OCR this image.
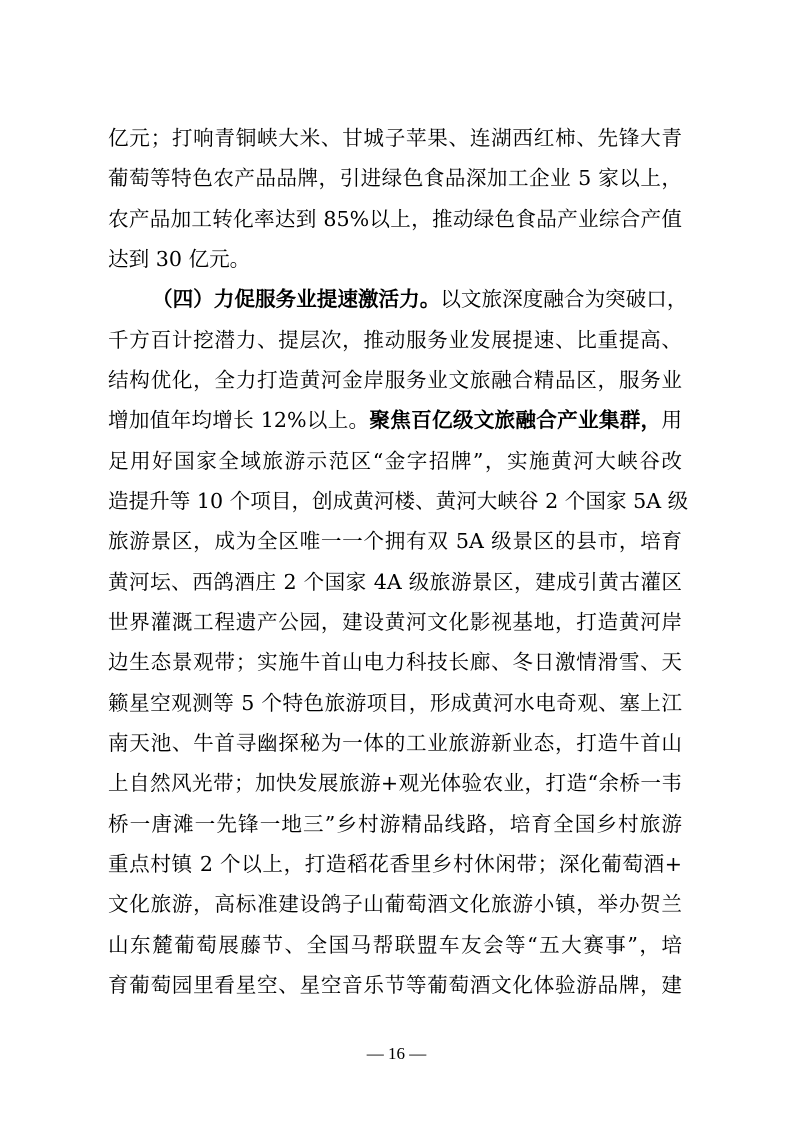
亿元；打响青铜峡大米、甘城子苹果、连湖西红柿、先锋大青
葡萄等特色农产品品牌，引进绿色食品深加工企业 5 家以上，
农产品加工转化率达到 85%以上，推动绿色食品产业综合产值
达到 30 亿元。
（四）力促服务业提速激活力。以文旅深度融合为突破口，
千方百计挖潜力、提层次，推动服务业发展提速、比重提高、
结构优化，全力打造黄河金岸服务业文旅融合精品区，服务业
增加值年均增长 12%以上。聚焦百亿级文旅融合产业集群，用
足用好国家全域旅游示范区“金字招牌”，实施黄河大峡谷改
造提升等 10 个项目，创成黄河楼、黄河大峡谷 2 个国家 5A 级
旅游景区，成为全区唯一一个拥有双 5A 级景区的县市，培育
黄河坛、西鸽酒庄 2 个国家 4A 级旅游景区，建成引黄古灌区
世界灌溉工程遗产公园，建设黄河文化影视基地，打造黄河岸
边生态景观带；实施牛首山电力科技长廊、冬日激情滑雪、天
籁星空观测等 5 个特色旅游项目，形成黄河水电奇观、塞上江
南天池、牛首寻幽探秘为一体的工业旅游新业态，打造牛首山
上自然风光带；加快发展旅游+观光体验农业，打造“余桥一韦
桥一唐滩一先锋一地三”乡村游精品线路，培育全国乡村旅游
重点村镇 2 个以上，打造稻花香里乡村休闲带；深化葡萄酒+
文化旅游，高标准建设鸽子山葡萄酒文化旅游小镇，举办贺兰
山东麓葡萄展藤节、全国马帮联盟车友会等“五大赛事”，培
育葡萄园里看星空、星空音乐节等葡萄酒文化体验游品牌，建
— 16 —
